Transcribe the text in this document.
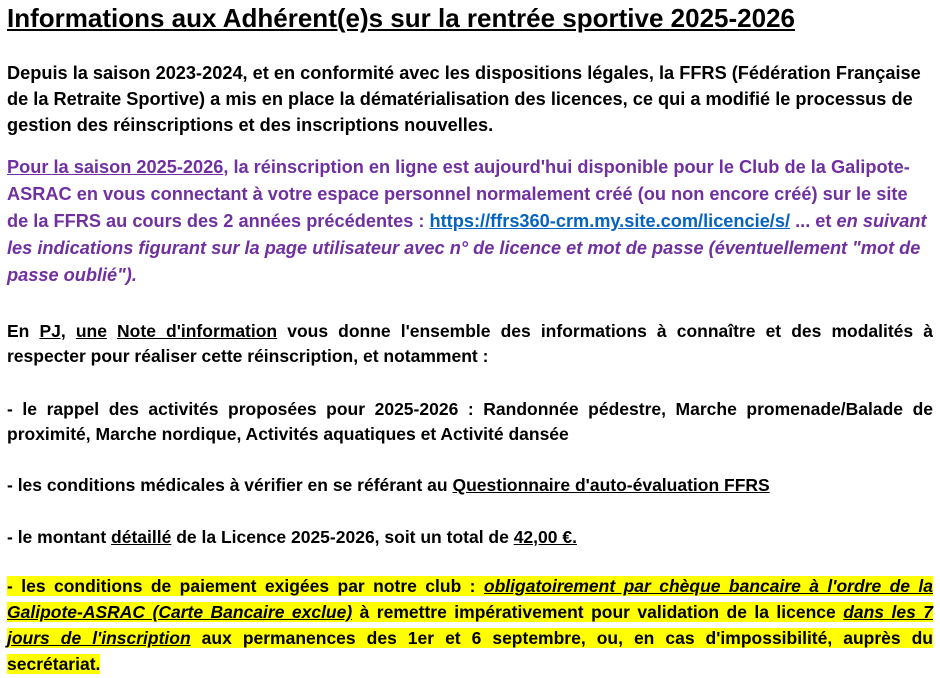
Informations aux Adhérent(e)s sur la rentrée sportive 2025-2026

Depuis la saison 2023-2024, et en conformité avec les dispositions légales, la FFRS (Fédération Française de la Retraite Sportive) a mis en place la dématérialisation des licences, ce qui a modifié le processus de gestion des réinscriptions et des inscriptions nouvelles.

Pour la saison 2025-2026, la réinscription en ligne est aujourd'hui disponible pour le Club de la Galipote-ASRAC en vous connectant à votre espace personnel normalement créé (ou non encore créé) sur le site de la FFRS au cours des 2 années précédentes : https://ffrs360-crm.my.site.com/licencie/s/ ... et en suivant les indications figurant sur la page utilisateur avec n° de licence et mot de passe (éventuellement "mot de passe oublié").

En PJ, une Note d'information vous donne l'ensemble des informations à connaître et des modalités à respecter pour réaliser cette réinscription, et notamment :

- le rappel des activités proposées pour 2025-2026 : Randonnée pédestre, Marche promenade/Balade de proximité, Marche nordique, Activités aquatiques et Activité dansée

- les conditions médicales à vérifier en se référant au Questionnaire d'auto-évaluation FFRS

- le montant détaillé de la Licence 2025-2026, soit un total de 42,00 €.

- les conditions de paiement exigées par notre club : obligatoirement par chèque bancaire à l'ordre de la Galipote-ASRAC (Carte Bancaire exclue) à remettre impérativement pour validation de la licence dans les 7 jours de l'inscription aux permanences des 1er et 6 septembre, ou, en cas d'impossibilité, auprès du secrétariat.
